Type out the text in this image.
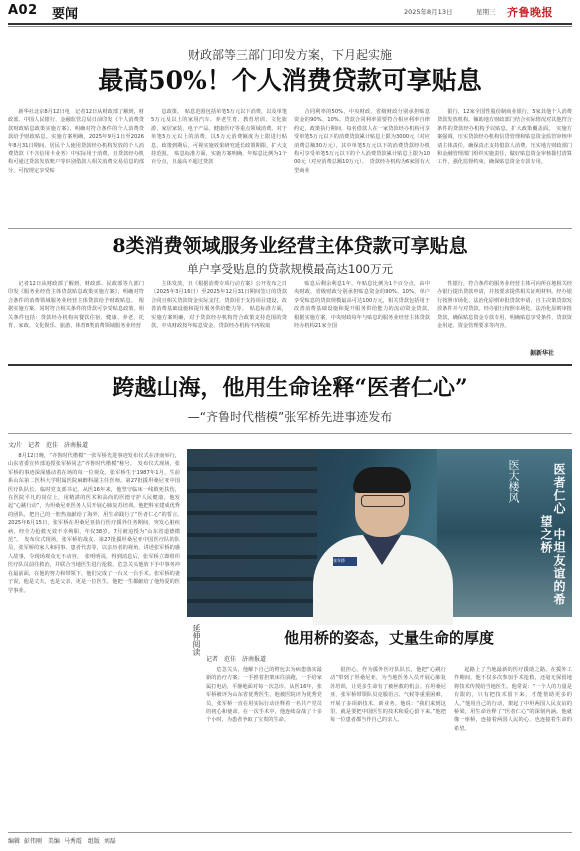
A02 要闻	2025年8月13日	星期三 齐鲁晚报
财政部等三部门印发方案，下月起实施
最高50%！个人消费贷款可享贴息

新华社北京8月12日电　记者12日从财政部了解到，财政部、中国人民银行、金融监管总局日前印发《个人消费贷款财政贴息政策实施方案》，明确对符合条件的个人消费贷款给予财政贴息。实施方案明确，2025年9月1日至2026年8月31日期间，居民个人使用贷款经办机构发放的个人消费贷款（不含信用卡业务）中实际用于消费，且贷款经办机构可通过贷款发放账户等识别借款人相关消费交易信息的部分，可按规定享受贴

息政策。　贴息范围包括单笔5万元以下消费，以及单笔5万元及以上的家用汽车、养老生育、教育培训、文化旅游、家居家装、电子产品、健康医疗等重点领域消费。对于单笔5万元以上的消费，以5万元消费额度为上限进行贴息，政策到期后，可视实施效果研究延长政策期限，扩大支持范围。　贴息标准方面，实施方案明确，年贴息比例为1个百分点，且最高不超过贷款

合同利率的50%，中央财政、省级财政分别承担贴息资金的90%、10%。贷款合同利率需要符合相应利率自律约定，政策执行期间，每名借款人在一家贷款经办机构可享受单笔5万元以下的消费贷款累计贴息上限为3000元（对应消费总额30万元），其中单笔5万元以下的消费贷款经办机构可享受单笔5万元以下的个人消费贷款累计贴息上限为1000元（对应消费总额10万元）。　贷款经办机构为6家国有大型商业

银行，12家全国性股份制商业银行，5家其他个人消费贷款发放机构。额助地方财政部门结合实际情况对其他符合条件的贷款经办机构予以贴息，扩大政策覆盖面。　实施方案强调，压实贷款经办机构信贷管理和贴息资金监管审核申请主体责任，确保真正支持借款人消费，压实地方财政部门和金融管理部门组织实施责任，做好贴息资金审核拨付清算工作，强化监督约束，确保贴息资金专款专用。

8类消费领域服务业经营主体贷款可享贴息
单户享受贴息的贷款规模最高达100万元

记者12日从财政部了解到，财政部、民政部等九部门印发《服务业经营主体贷款贴息政策实施方案》，明确对符合条件的消费领域服务业经营主体贷款给予财政贴息。　根据实施方案，同时符合相关条件的贷款可享受贴息政策，相关条件包括：贷款经办机构向餐饮住宿、健康、养老、托育、家政、文化娱乐、旅游、体育8类消费领域服务业经营

主体发放，且《根据消费专项行动方案》公开发布之日（2025年3月16日）至2025年12月31日期间签订的贷款合同且相关贷款资金实际支付，贷款用于支持项目建设，改善消费基础设施和提升服务供给能力等。　贴息标准方面，实施方案明确，对于贷款经办机构符合政策支持范围的贷款，中央财政按年贴息资金，贷款经办机构不再收取

贴息后剩余利息1年，年贴息比例为1个百分点，由中央财政，省级财政分别承担贴息资金的90%、10%，单户享受贴息的贷款规模最高可达100万元，相关贷款包括用于改善消费基础设施和提升服务供给能力的流动资金贷款。　根据实施方案，中央财政每年与贴息的服务业经营主体贷款经办机构21家全国

性银行，符合条件的服务业经营主体可向所在地相关经办银行提出贷款申请，并按要求提供相关证明材料。经办银行按照市场化、法治化原则审批贷款申请，自主决策贷款发放条件并与对贷款。经办银行按照市场化、法治化原则审批贷款，确保贴息资金专款专用，明确贴息享受条件、贷款资金用途、资金管理要求等内容。

据新华社
跨越山海，他用生命诠释“医者仁心”
—“齐鲁时代楷模”张军桥先进事迹发布
文/片　记者　范佳　济南报道

8月12日晚，“齐鲁时代楷模”一张军桥先进事迹发布仪式在济南举行，山东省委宣传部追授张军桥同志“齐鲁时代楷模”称号。　发布仪式现场，张军桥的事迹深深感动着在场的每一位观众。张军桥生于1987年1月，生前系山东第二医科大学附属医院麻醉科副主任医师。第27批援坦桑尼亚中国医疗队队长、临时党支部书记。从医16年来，他坚守临床一线救死扶伤，在医院平凡的岗位上，用精湛的医术和高尚的医德守护人民健康。他发起“心跳行动”，为坦桑尼亚医务人员开展心肺复苏培训。他把科室建成优秀的团队，把自己的一腔热血献给了海外，用生命践行了“医者仁心”的誓言。　2025年6月15日，张军桥在坦桑尼亚执行医疗援外任务期间，突发心脏疾病，经全力抢救无效不幸殉职，年仅38岁。7月被追授为“山东省道德模范”。　发布仪式现场，张军桥的战友、第27批援坦桑尼亚中国医疗队的队员，张军桥的家人和同事、患者代表等，以亲历者的视角，讲述张军桥的感人故事，令现场观众无不动容。　张明明说，得到消息后，张军桥立即组织医疗队员前往救治，并联合当地医生进行抢救。危急关头他放下手中事务冲在最前面，在他的努力和带领下，他们完成了一台又一台手术。张军桥的妻子说，他是丈夫，也是父亲，更是一位医生，他把一生都献给了他热爱的医学事业。

张军桥
医大楼风	医者仁心　中坦友谊的希望之桥
延伸阅读	他用桥的姿态，丈量生命的厚度
记者　范佳　济南报道

危急关头，他解下自己的臂包去为病患落实最新的治疗方案；一手推着担架床往前跑，一手给家属打电话，平静地面对每一次急诊。从医16年，张军桥被评为山东省优秀医生，他被医院评为优秀党员，张军桥一直在用实际行动诠释着一名共产党员的初心和使命。在一次手术中，他连续奋战了十多个小时，为患者争取了宝贵的生命。

很担心。作为援外医疗队队长，他把“心跳行动”带到了坦桑尼亚，为当地医务人员开展心肺复苏培训，让更多生命有了被拯救的机会。在坦桑尼亚，张军桥带领队员克服语言、气候等重重困难，开展了多项新技术、新业务。他说：“我们来到这里，就是要把中国医生的技术和爱心留下来。”他把每一位患者都当作自己的亲人。

起路上了当地最新的医疗援助之路。在援外工作期间，他不仅多次参加手术抢救，还毫无保留地将技术传授给当地医生。他常说：“一个人的力量是有限的，只有把技术留下来，才能帮助更多的人。”他用自己的行动，架起了中坦两国人民友谊的桥梁，用生命诠释了“医者仁心”的深刻内涵。他就像一座桥，连接着两国人民的心，也连接着生命的希望。

编辑 彭伟刚　美编 马秀霞　组版 刘磊
